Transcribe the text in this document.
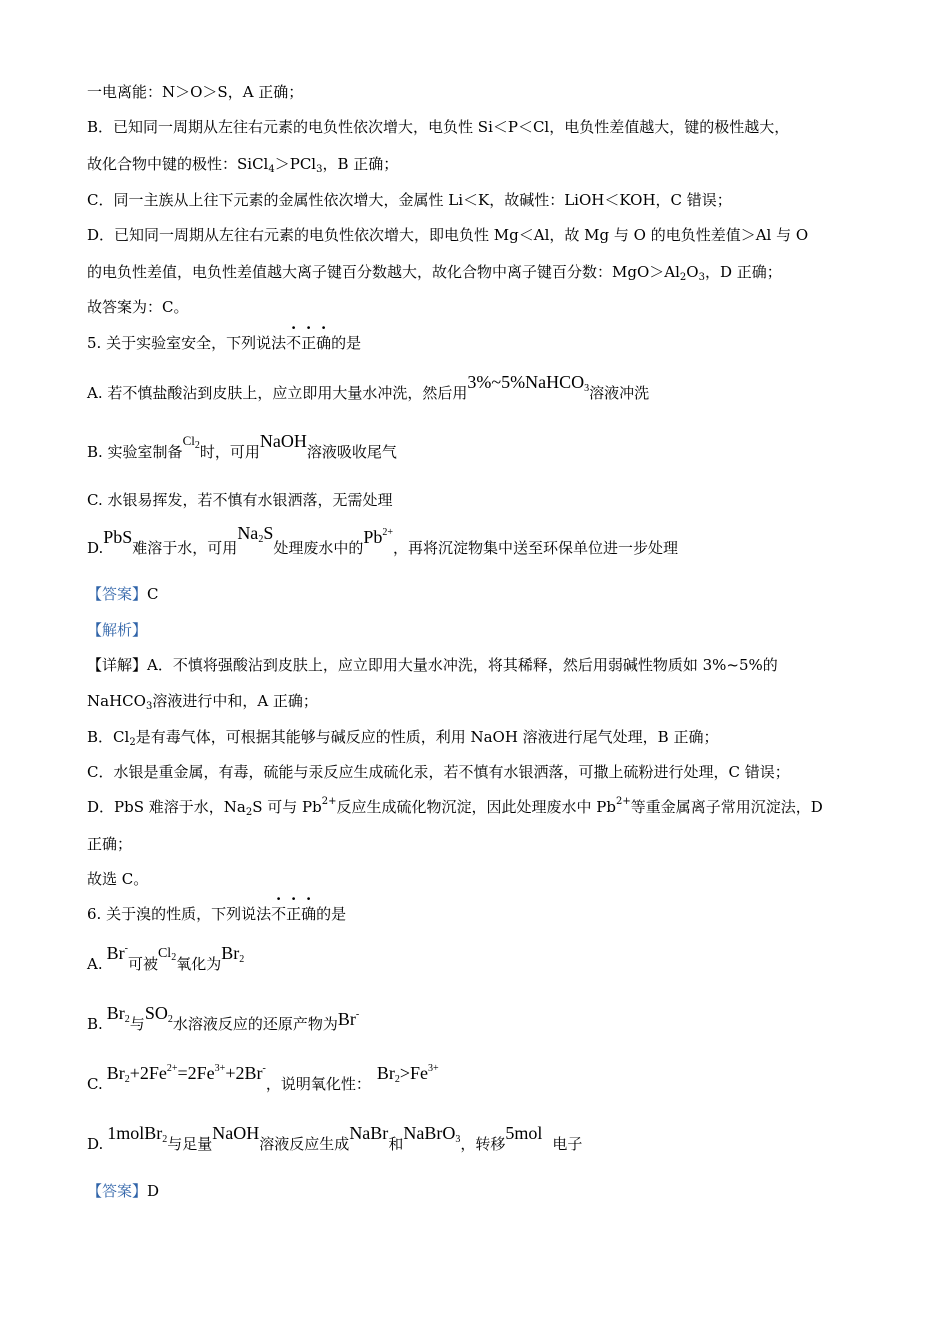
一电离能：N＞O＞S，A 正确；
B．已知同一周期从左往右元素的电负性依次增大，电负性 Si＜P＜Cl，电负性差值越大，键的极性越大，
故化合物中键的极性：SiCl$_4$＞PCl$_3$，B 正确；
C．同一主族从上往下元素的金属性依次增大，金属性 Li＜K，故碱性：LiOH＜KOH，C 错误；
D．已知同一周期从左往右元素的电负性依次增大，即电负性 Mg＜Al，故 Mg 与 O 的电负性差值＞Al 与 O
的电负性差值，电负性差值越大离子键百分数越大，故化合物中离子键百分数：$MgO>Al_2O_3$，D 正确；
故答案为：C。
5. 关于实验室安全，下列说法不正确的是
A. 若不慎盐酸沾到皮肤上，应立即用大量水冲洗，然后用3%~5%NaHCO$_3$溶液冲洗
B. 实验室制备$Cl_2$时，可用NaOH溶液吸收尾气
C. 水银易挥发，若不慎有水银洒落，无需处理
D.PbS难溶于水，可用$Na_2S$处理废水中的$Pb^{2+}$，再将沉淀物集中送至环保单位进一步处理
【答案】C
【解析】
【详解】A．不慎将强酸沾到皮肤上，应立即用大量水冲洗，将其稀释，然后用弱碱性物质如 3%~5%的
NaHCO$_3$溶液进行中和，A 正确；
B．$Cl_2$是有毒气体，可根据其能够与碱反应的性质，利用 NaOH 溶液进行尾气处理，B 正确；
C．水银是重金属，有毒，硫能与汞反应生成硫化汞，若不慎有水银洒落，可撒上硫粉进行处理，C 错误；
D．PbS 难溶于水，$Na_2S$ 可与 $Pb^{2+}$反应生成硫化物沉淀，因此处理废水中 $Pb^{2+}$等重金属离子常用沉淀法，D
正确；
故选 C。
6. 关于溴的性质，下列说法不正确的是
A.Br-可被$Cl_2$氧化为$Br_2$
$B.Br_2$与$SO_2$水溶液反应的还原产物为Br-
$C.Br_2+2Fe^{2+}=2Fe^{3+}+2Br^-$，说明氧化性：$Br_2>Fe^{3+}$
D.1molBr$_2$与足量NaOH溶液反应生成NaBr和NaBrO$_3$，转移5mol电子
【答案】D
